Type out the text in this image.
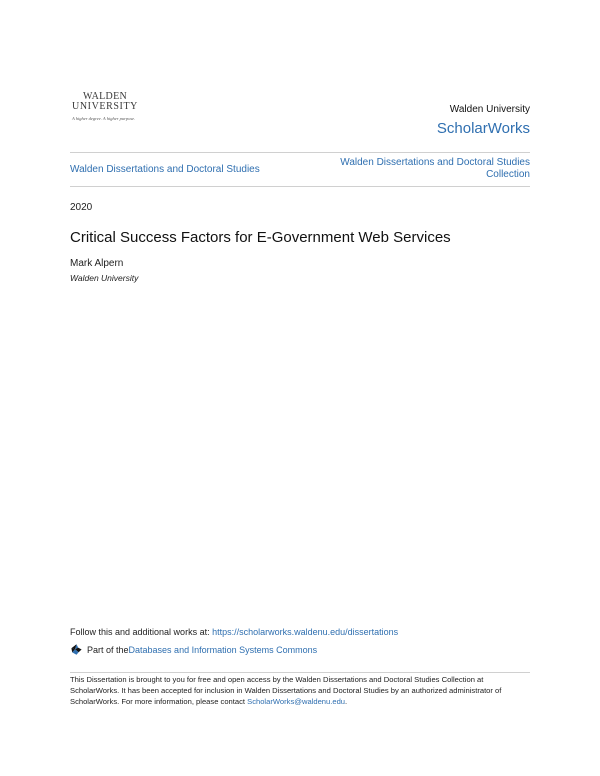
WALDEN
UNIVERSITY
A higher degree. A higher purpose.
Walden University
ScholarWorks
Walden Dissertations and Doctoral Studies
Walden Dissertations and Doctoral Studies
Collection
2020
Critical Success Factors for E-Government Web Services
Mark Alpern
Walden University
Follow this and additional works at: https://scholarworks.waldenu.edu/dissertations
Part of the Databases and Information Systems Commons
This Dissertation is brought to you for free and open access by the Walden Dissertations and Doctoral Studies Collection at ScholarWorks. It has been accepted for inclusion in Walden Dissertations and Doctoral Studies by an authorized administrator of ScholarWorks. For more information, please contact ScholarWorks@waldenu.edu.
